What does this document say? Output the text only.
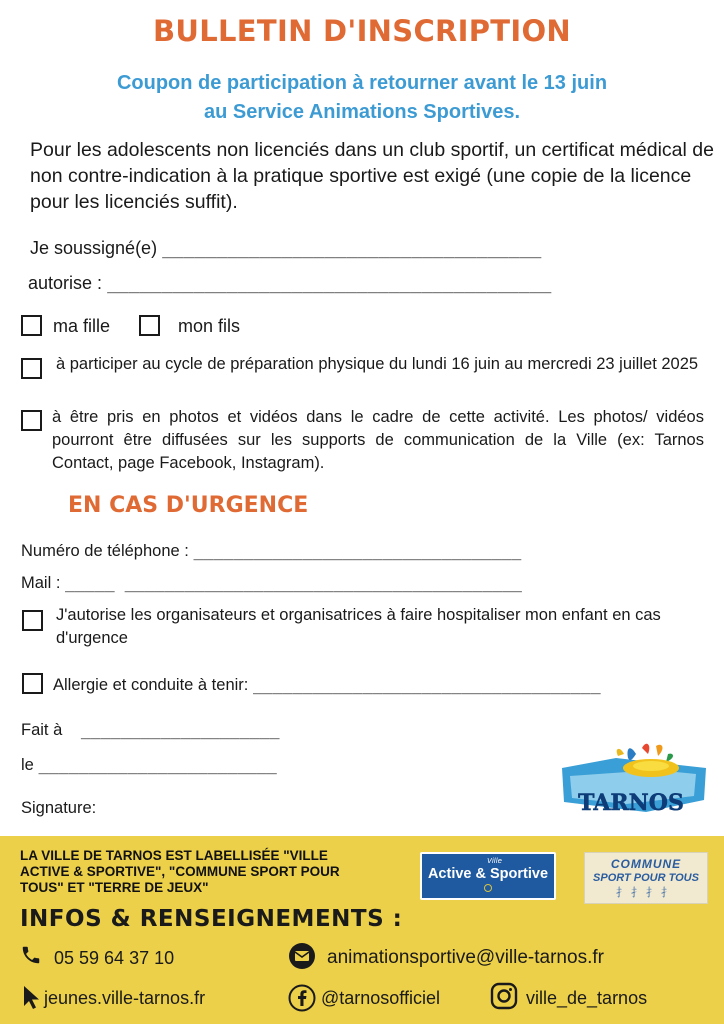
BULLETIN D'INSCRIPTION
Coupon de participation à retourner avant le 13 juin
au Service Animations Sportives.
Pour les adolescents non licenciés dans un club sportif, un certificat médical de non contre-indication à la pratique sportive est exigé (une copie de la licence pour les licenciés suffit).
Je soussigné(e) ___________________________________
autorise : _________________________________________
ma fille	mon fils
à participer au cycle de préparation physique du lundi 16 juin au mercredi 23 juillet 2025
à être pris en photos et vidéos dans le cadre de cette activité. Les photos/ vidéos pourront être diffusées sur les supports de communication de la Ville (ex: Tarnos Contact, page Facebook, Instagram).
EN CAS D'URGENCE
Numéro de téléphone : _________________________________
Mail : _____ ________________________________________
J'autorise les organisateurs et organisatrices à faire hospitaliser mon enfant en cas d'urgence
Allergie et conduite à tenir: ___________________________________
Fait à ____________________
le ________________________
Signature:	TARNOS
LA VILLE DE TARNOS EST LABELLISÉE "VILLE ACTIVE & SPORTIVE", "COMMUNE SPORT POUR TOUS" ET "TERRE DE JEUX"
Ville
Active & Sportive
COMMUNE
SPORT POUR TOUS
⺘⺘⺘⺘
INFOS & RENSEIGNEMENTS :
05 59 64 37 10	animationsportive@ville-tarnos.fr
jeunes.ville-tarnos.fr	@tarnosofficiel	ville_de_tarnos
